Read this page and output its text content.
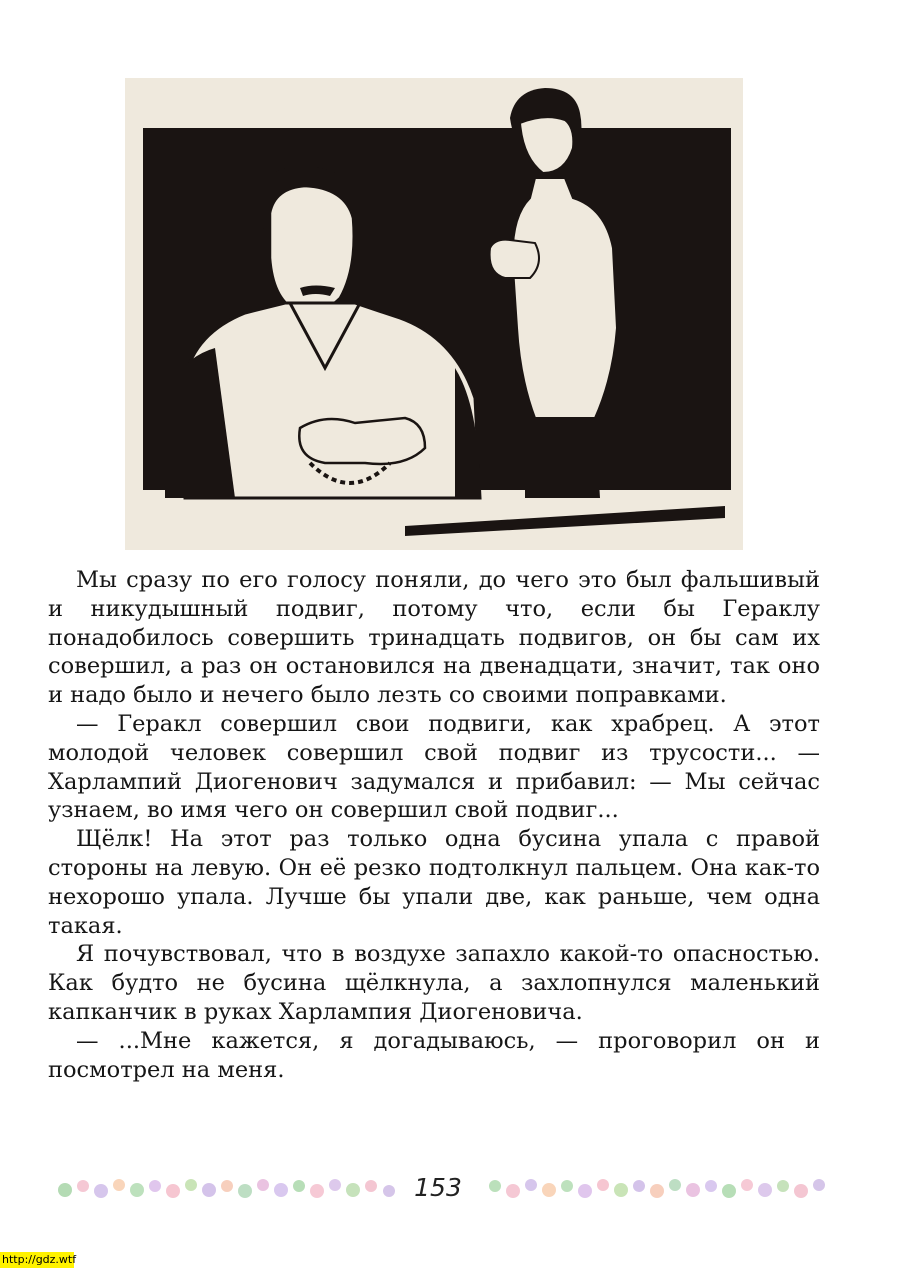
Мы сразу по его голосу поняли, до чего это был фальшивый и никудышный подвиг, потому что, если бы Гераклу понадобилось совершить тринадцать подвигов, он бы сам их совершил, а раз он остановился на двенадцати, значит, так оно и надо было и нечего было лезть со своими поправками.

— Геракл совершил свои подвиги, как храбрец. А этот молодой человек совершил свой подвиг из трусости... — Харлампий Диогенович задумался и прибавил: — Мы сейчас узнаем, во имя чего он совершил свой подвиг...

Щёлк! На этот раз только одна бусина упала с правой стороны на левую. Он её резко подтолкнул пальцем. Она как-то нехорошо упала. Лучше бы упали две, как раньше, чем одна такая.

Я почувствовал, что в воздухе запахло какой-то опасностью. Как будто не бусина щёлкнула, а захлопнулся маленький капканчик в руках Харлампия Диогеновича.

— ...Мне кажется, я догадываюсь, — проговорил он и посмотрел на меня.

153
http://gdz.wtf
